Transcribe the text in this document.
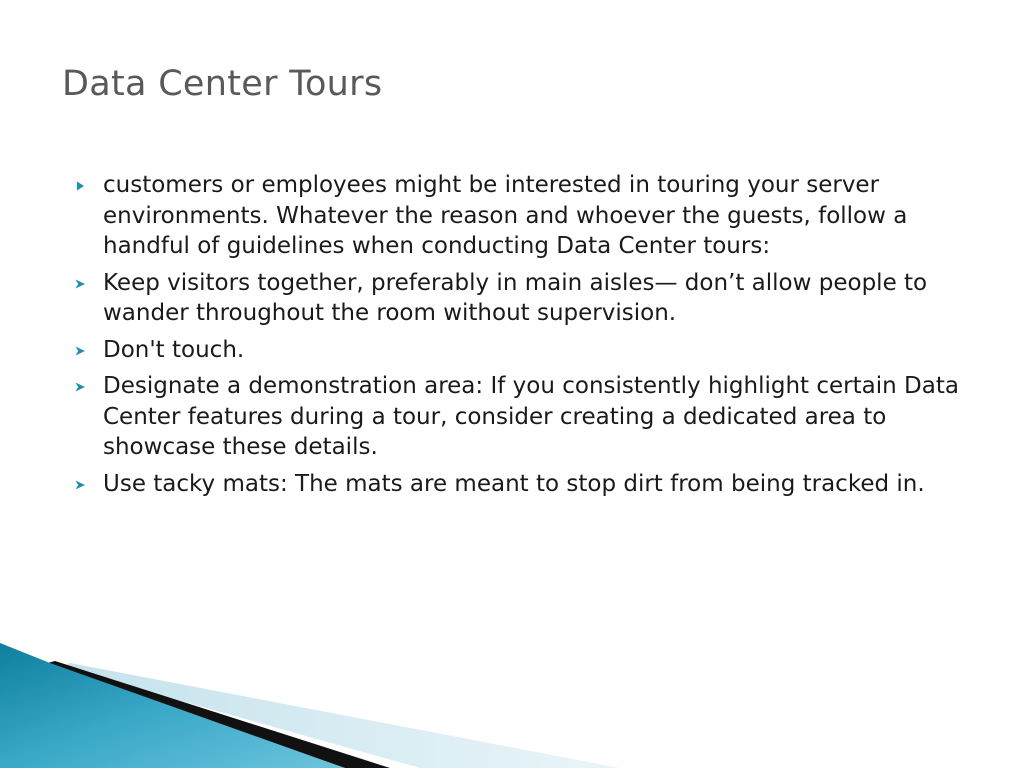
Data Center Tours
customers or employees might be interested in touring your server environments. Whatever the reason and whoever the guests, follow a handful of guidelines when conducting Data Center tours:
Keep visitors together, preferably in main aisles— don’t allow people to wander throughout the room without supervision.
Don't touch.
Designate a demonstration area: If you consistently highlight certain Data Center features during a tour, consider creating a dedicated area to showcase these details.
Use tacky mats: The mats are meant to stop dirt from being tracked in.
